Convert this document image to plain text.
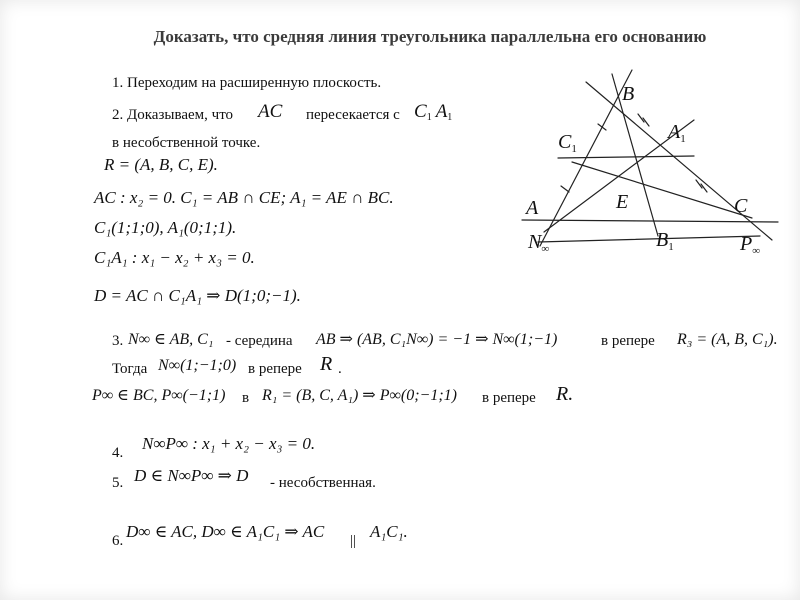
Доказать, что средняя линия треугольника параллельна его основанию
1. Переходим на расширенную плоскость.
2. Доказываем, что AC пересекается с $C_1$ $A_1$
в несобственной точке.
R = (A, B, C, E).
AC : x₂ = 0. C₁ = AB ∩ CE; A₁ = AE ∩ BC.
C₁(1;1;0), A₁(0;1;1).
C₁A₁ : x₁ − x₂ + x₃ = 0.
D = AC ∩ C₁A₁ ⇒ D(1;0;−1).
3. N∞ ∈ AB, C₁ - середина AB ⇒ (AB, C₁N∞) = −1 ⇒ N∞(1;−1)	в репере R₃ = (A, B, C₁).
Тогда N∞(1;−1;0) в репере R .
P∞ ∈ BC, P∞(−1;1) в R₁ = (B, C, A₁) ⇒ P∞(0;−1;1) в репере R.
4. N∞P∞ : x₁ + x₂ − x₃ = 0.
5. D ∈ N∞P∞ ⇒ D - несобственная.
6. D∞ ∈ AC, D∞ ∈ A₁C₁ ⇒ AC || A₁C₁.
B
$C_1$
$A_1$
A	E	C
$N_\infty$	$B_1$	$P_\infty$
